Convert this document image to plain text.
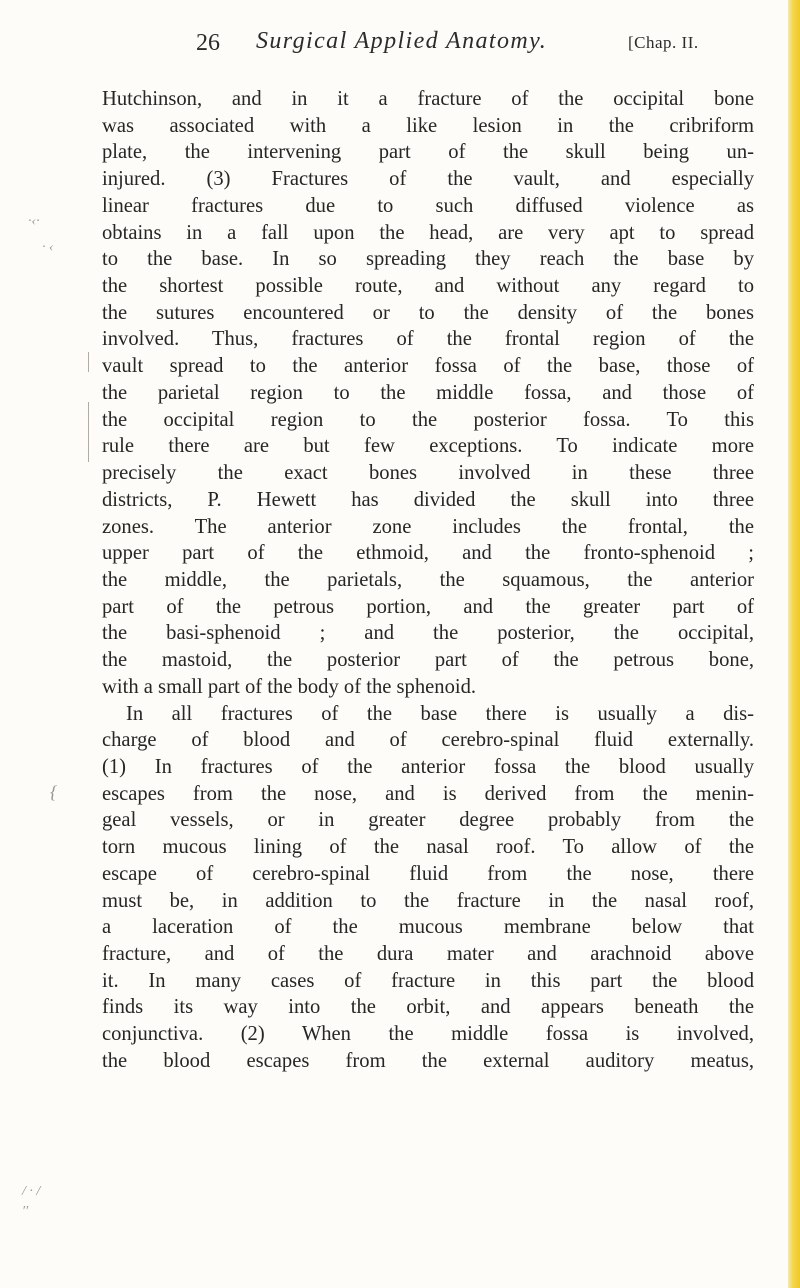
26 Surgical Applied Anatomy.	[Chap. II.
·‹·
· ‹
{
/ · /
′′
Hutchinson, and in it a fracture of the occipital bone
was associated with a like lesion in the cribriform
plate, the intervening part of the skull being un-
injured. (3) Fractures of the vault, and especially
linear fractures due to such diffused violence as
obtains in a fall upon the head, are very apt to spread
to the base. In so spreading they reach the base by
the shortest possible route, and without any regard to
the sutures encountered or to the density of the bones
involved. Thus, fractures of the frontal region of the
vault spread to the anterior fossa of the base, those of
the parietal region to the middle fossa, and those of
the occipital region to the posterior fossa. To this
rule there are but few exceptions. To indicate more
precisely the exact bones involved in these three
districts, P. Hewett has divided the skull into three
zones. The anterior zone includes the frontal, the
upper part of the ethmoid, and the fronto-sphenoid ;
the middle, the parietals, the squamous, the anterior
part of the petrous portion, and the greater part of
the basi-sphenoid ; and the posterior, the occipital,
the mastoid, the posterior part of the petrous bone,
with a small part of the body of the sphenoid.
In all fractures of the base there is usually a dis-
charge of blood and of cerebro-spinal fluid externally.
(1) In fractures of the anterior fossa the blood usually
escapes from the nose, and is derived from the menin-
geal vessels, or in greater degree probably from the
torn mucous lining of the nasal roof. To allow of the
escape of cerebro-spinal fluid from the nose, there
must be, in addition to the fracture in the nasal roof,
a laceration of the mucous membrane below that
fracture, and of the dura mater and arachnoid above
it. In many cases of fracture in this part the blood
finds its way into the orbit, and appears beneath the
conjunctiva. (2) When the middle fossa is involved,
the blood escapes from the external auditory meatus,
